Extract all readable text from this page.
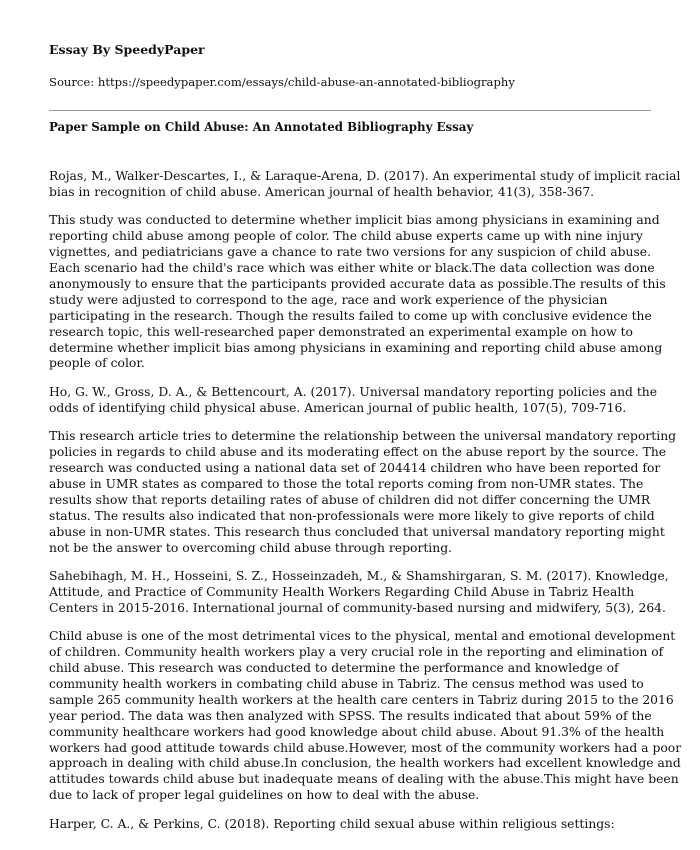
Essay By SpeedyPaper
Source: https://speedypaper.com/essays/child-abuse-an-annotated-bibliography
Paper Sample on Child Abuse: An Annotated Bibliography Essay

Rojas, M., Walker-Descartes, I., & Laraque-Arena, D. (2017). An experimental study of implicit racial
bias in recognition of child abuse. American journal of health behavior, 41(3), 358-367.

This study was conducted to determine whether implicit bias among physicians in examining and
reporting child abuse among people of color. The child abuse experts came up with nine injury
vignettes, and pediatricians gave a chance to rate two versions for any suspicion of child abuse.
Each scenario had the child's race which was either white or black.The data collection was done
anonymously to ensure that the participants provided accurate data as possible.The results of this
study were adjusted to correspond to the age, race and work experience of the physician
participating in the research. Though the results failed to come up with conclusive evidence the
research topic, this well-researched paper demonstrated an experimental example on how to
determine whether implicit bias among physicians in examining and reporting child abuse among
people of color.

Ho, G. W., Gross, D. A., & Bettencourt, A. (2017). Universal mandatory reporting policies and the
odds of identifying child physical abuse. American journal of public health, 107(5), 709-716.

This research article tries to determine the relationship between the universal mandatory reporting
policies in regards to child abuse and its moderating effect on the abuse report by the source. The
research was conducted using a national data set of 204414 children who have been reported for
abuse in UMR states as compared to those the total reports coming from non-UMR states. The
results show that reports detailing rates of abuse of children did not differ concerning the UMR
status. The results also indicated that non-professionals were more likely to give reports of child
abuse in non-UMR states. This research thus concluded that universal mandatory reporting might
not be the answer to overcoming child abuse through reporting.

Sahebihagh, M. H., Hosseini, S. Z., Hosseinzadeh, M., & Shamshirgaran, S. M. (2017). Knowledge,
Attitude, and Practice of Community Health Workers Regarding Child Abuse in Tabriz Health
Centers in 2015-2016. International journal of community-based nursing and midwifery, 5(3), 264.

Child abuse is one of the most detrimental vices to the physical, mental and emotional development
of children. Community health workers play a very crucial role in the reporting and elimination of
child abuse. This research was conducted to determine the performance and knowledge of
community health workers in combating child abuse in Tabriz. The census method was used to
sample 265 community health workers at the health care centers in Tabriz during 2015 to the 2016
year period. The data was then analyzed with SPSS. The results indicated that about 59% of the
community healthcare workers had good knowledge about child abuse. About 91.3% of the health
workers had good attitude towards child abuse.However, most of the community workers had a poor
approach in dealing with child abuse.In conclusion, the health workers had excellent knowledge and
attitudes towards child abuse but inadequate means of dealing with the abuse.This might have been
due to lack of proper legal guidelines on how to deal with the abuse.

Harper, C. A., & Perkins, C. (2018). Reporting child sexual abuse within religious settings:
